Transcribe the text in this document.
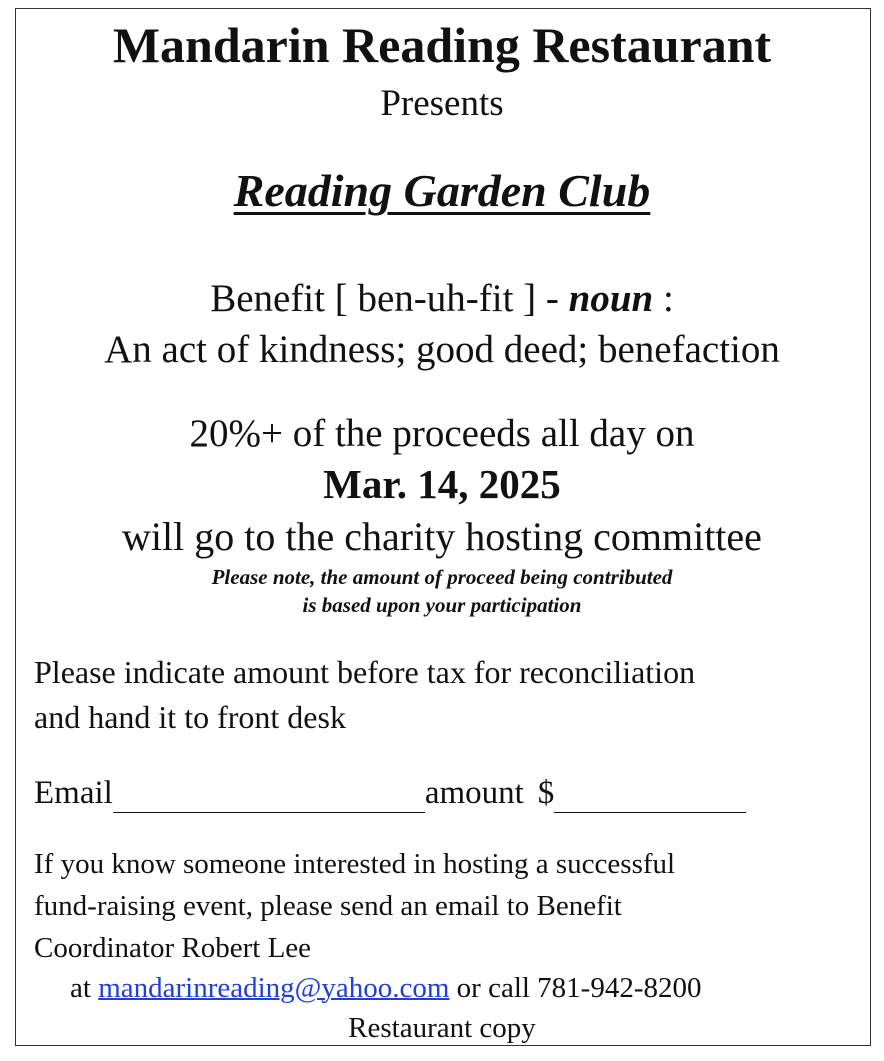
Mandarin Reading Restaurant
Presents
Reading Garden Club
Benefit [ ben-uh-fit ] - noun :
An act of kindness; good deed; benefaction
20%+ of the proceeds all day on
Mar. 14, 2025
will go to the charity hosting committee
Please note, the amount of proceed being contributed
is based upon your participation
Please indicate amount before tax for reconciliation
and hand it to front desk
Email	amount $
If you know someone interested in hosting a successful
fund-raising event, please send an email to Benefit
Coordinator Robert Lee
at mandarinreading@yahoo.com or call 781-942-8200
Restaurant copy
